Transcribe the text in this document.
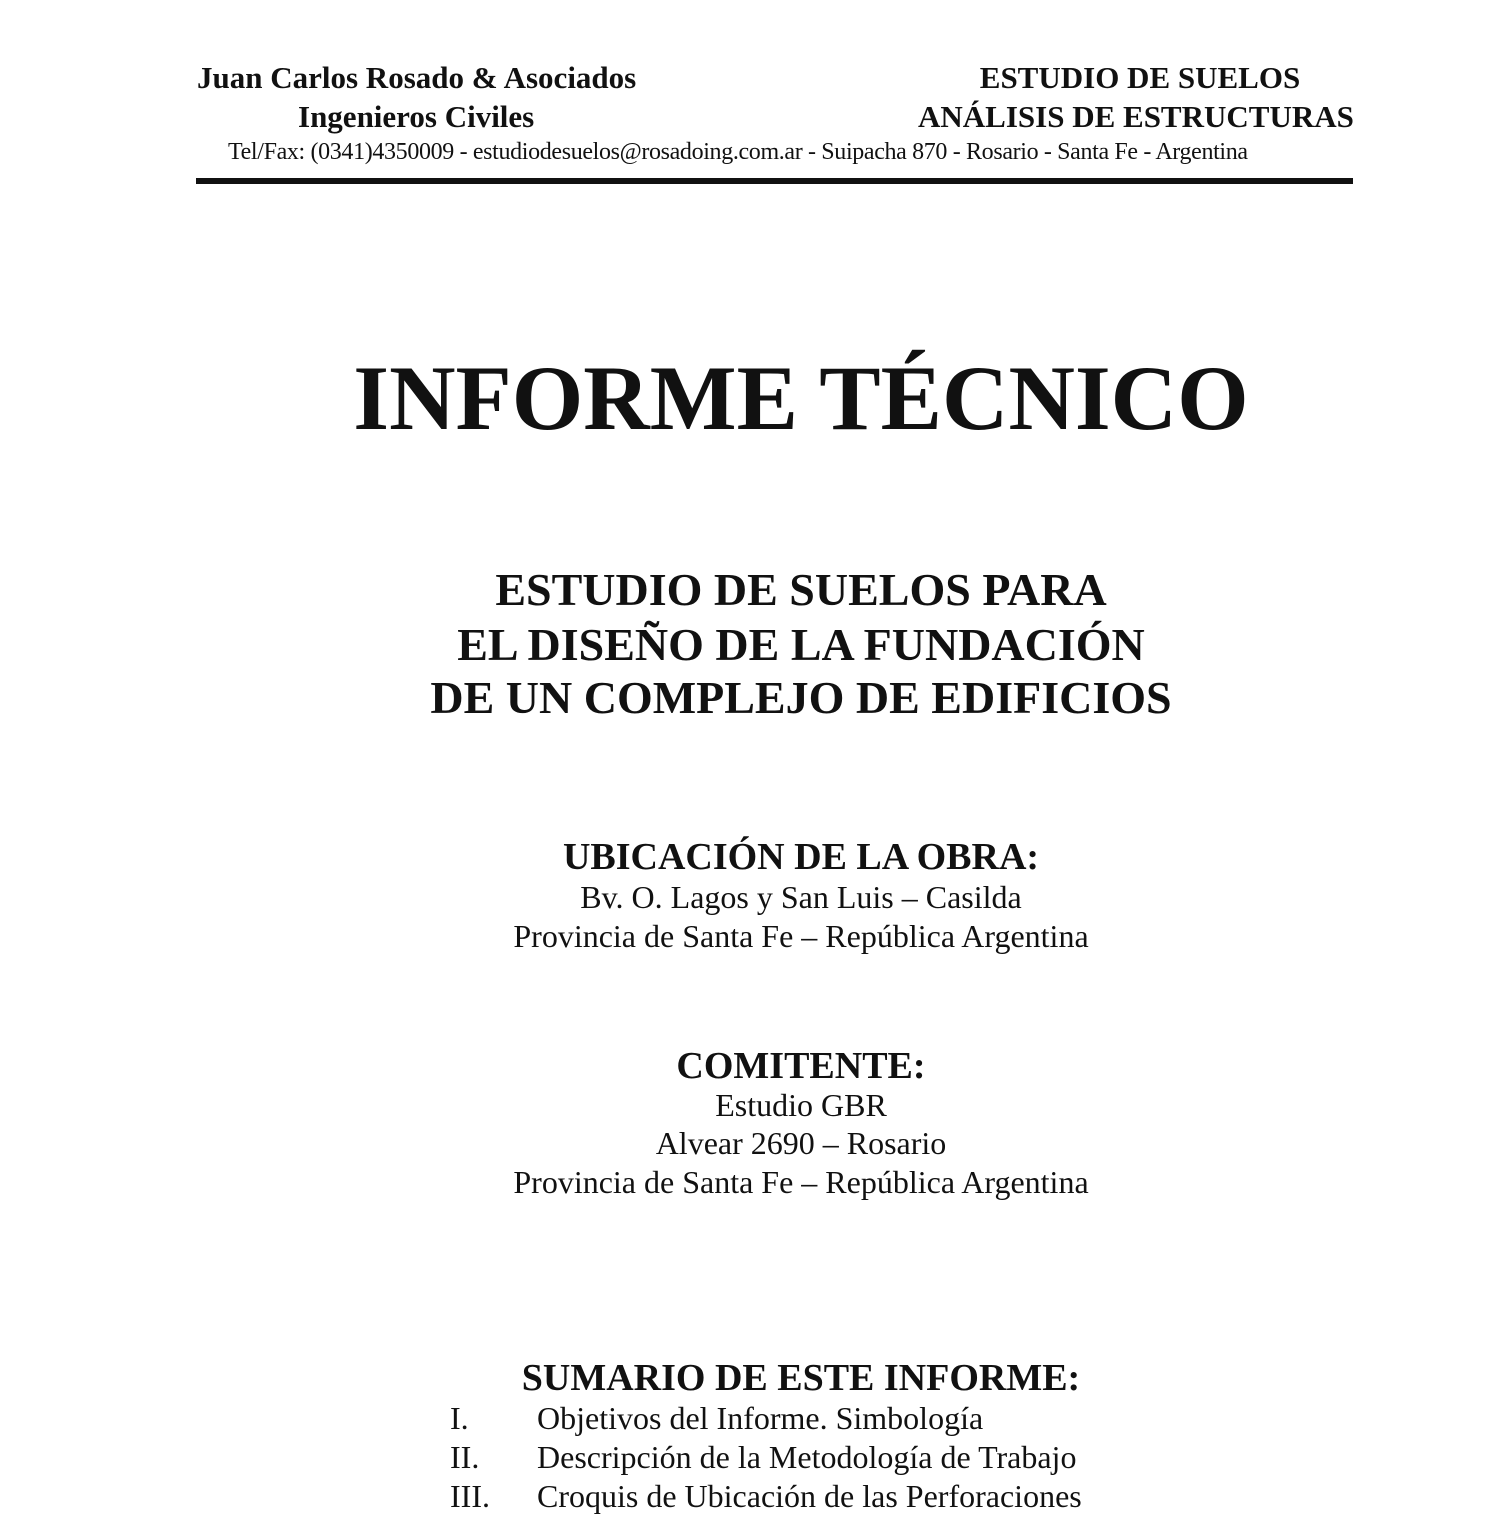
Juan Carlos Rosado & Asociados
Ingenieros Civiles
ESTUDIO DE SUELOS
ANÁLISIS DE ESTRUCTURAS
Tel/Fax: (0341)4350009 - estudiodesuelos@rosadoing.com.ar - Suipacha 870 - Rosario - Santa Fe - Argentina
INFORME TÉCNICO
ESTUDIO DE SUELOS PARA
EL DISEÑO DE LA FUNDACIÓN
DE UN COMPLEJO DE EDIFICIOS
UBICACIÓN DE LA OBRA:
Bv. O. Lagos y San Luis – Casilda
Provincia de Santa Fe – República Argentina
COMITENTE:
Estudio GBR
Alvear 2690 – Rosario
Provincia de Santa Fe – República Argentina
SUMARIO DE ESTE INFORME:
I. Objetivos del Informe. Simbología
II. Descripción de la Metodología de Trabajo
III. Croquis de Ubicación de las Perforaciones
